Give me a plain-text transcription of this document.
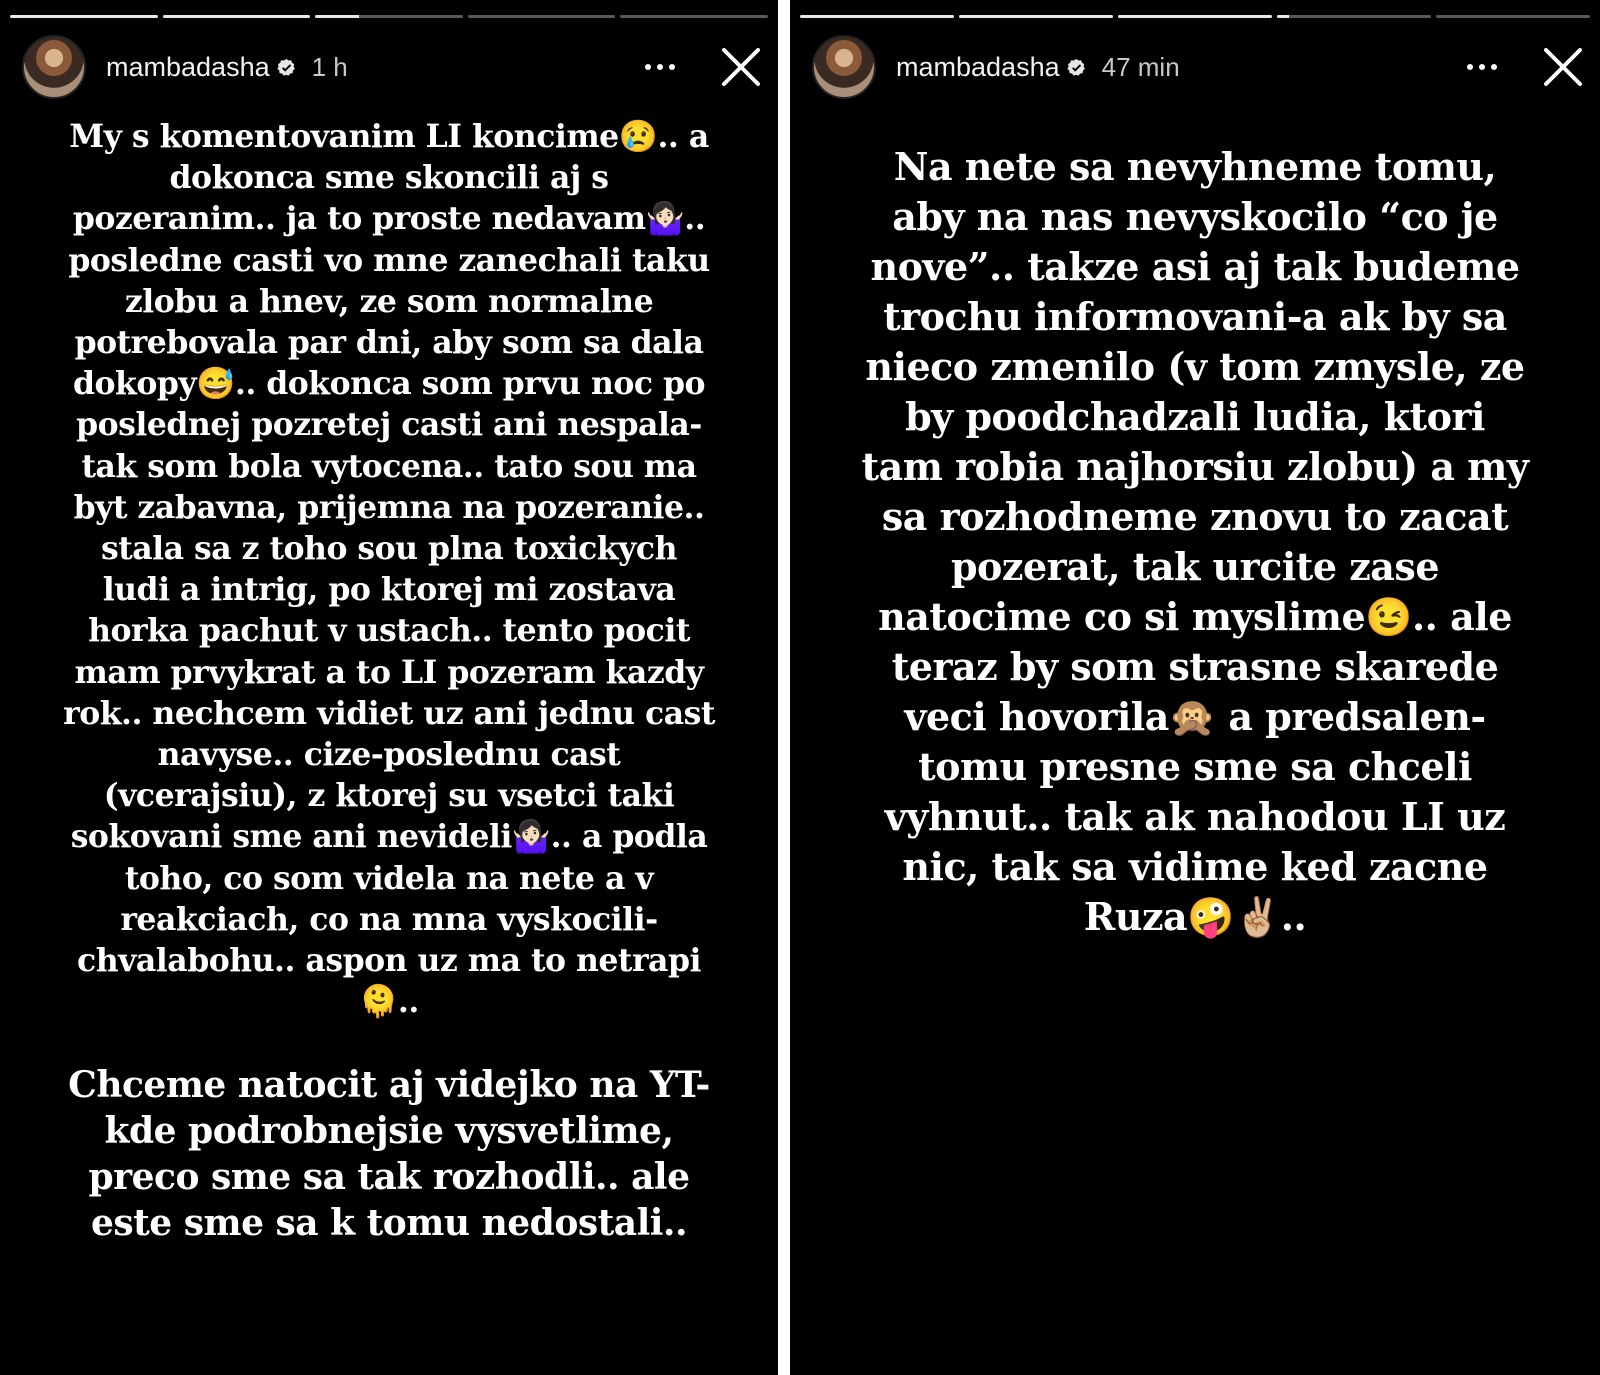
mambadasha 1 h

My s komentovanim LI koncime😢.. a
dokonca sme skoncili aj s
pozeranim.. ja to proste nedavam🤷🏻‍♀️..
posledne casti vo mne zanechali taku
zlobu a hnev, ze som normalne
potrebovala par dni, aby som sa dala
dokopy😅.. dokonca som prvu noc po
poslednej pozretej casti ani nespala-
tak som bola vytocena.. tato sou ma
byt zabavna, prijemna na pozeranie..
stala sa z toho sou plna toxickych
ludi a intrig, po ktorej mi zostava
horka pachut v ustach.. tento pocit
mam prvykrat a to LI pozeram kazdy
rok.. nechcem vidiet uz ani jednu cast
navyse.. cize-poslednu cast
(vcerajsiu), z ktorej su vsetci taki
sokovani sme ani nevideli🤷🏻‍♀️.. a podla
toho, co som videla na nete a v
reakciach, co na mna vyskocili-
chvalabohu.. aspon uz ma to netrapi
🫠..

Chceme natocit aj videjko na YT-
kde podrobnejsie vysvetlime,
preco sme sa tak rozhodli.. ale
este sme sa k tomu nedostali..

mambadasha 47 min

Na nete sa nevyhneme tomu,
aby na nas nevyskocilo “co je
nove”.. takze asi aj tak budeme
trochu informovani-a ak by sa
nieco zmenilo (v tom zmysle, ze
by poodchadzali ludia, ktori
tam robia najhorsiu zlobu) a my
sa rozhodneme znovu to zacat
pozerat, tak urcite zase
natocime co si myslime😉.. ale
teraz by som strasne skarede
veci hovorila🙊 a predsalen-
tomu presne sme sa chceli
vyhnut.. tak ak nahodou LI uz
nic, tak sa vidime ked zacne
Ruza🤪✌🏼..
